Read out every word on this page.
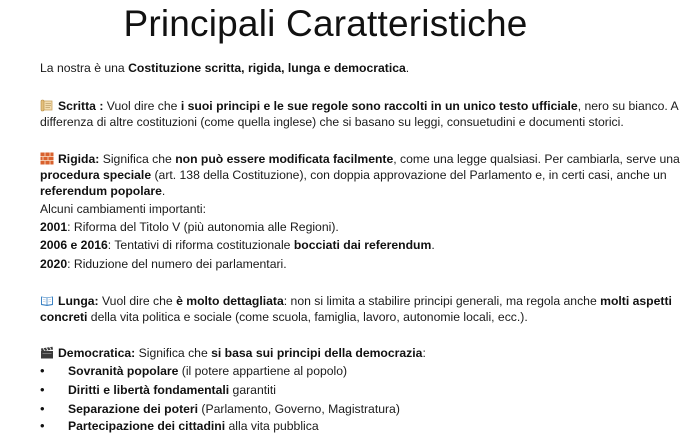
Principali Caratteristiche
La nostra è una Costituzione scritta, rigida, lunga e democratica.
Scritta : Vuol dire che i suoi principi e le sue regole sono raccolti in un unico testo ufficiale, nero su bianco. A
differenza di altre costituzioni (come quella inglese) che si basano su leggi, consuetudini e documenti storici.
Rigida: Significa che non può essere modificata facilmente, come una legge qualsiasi. Per cambiarla, serve una
procedura speciale (art. 138 della Costituzione), con doppia approvazione del Parlamento e, in certi casi, anche un
referendum popolare.
Alcuni cambiamenti importanti:
2001: Riforma del Titolo V (più autonomia alle Regioni).
2006 e 2016: Tentativi di riforma costituzionale bocciati dai referendum.
2020: Riduzione del numero dei parlamentari.
Lunga: Vuol dire che è molto dettagliata: non si limita a stabilire principi generali, ma regola anche molti aspetti
concreti della vita politica e sociale (come scuola, famiglia, lavoro, autonomie locali, ecc.).
Democratica: Significa che si basa sui principi della democrazia:
• Sovranità popolare (il potere appartiene al popolo)
• Diritti e libertà fondamentali garantiti
• Separazione dei poteri (Parlamento, Governo, Magistratura)
• Partecipazione dei cittadini alla vita pubblica
